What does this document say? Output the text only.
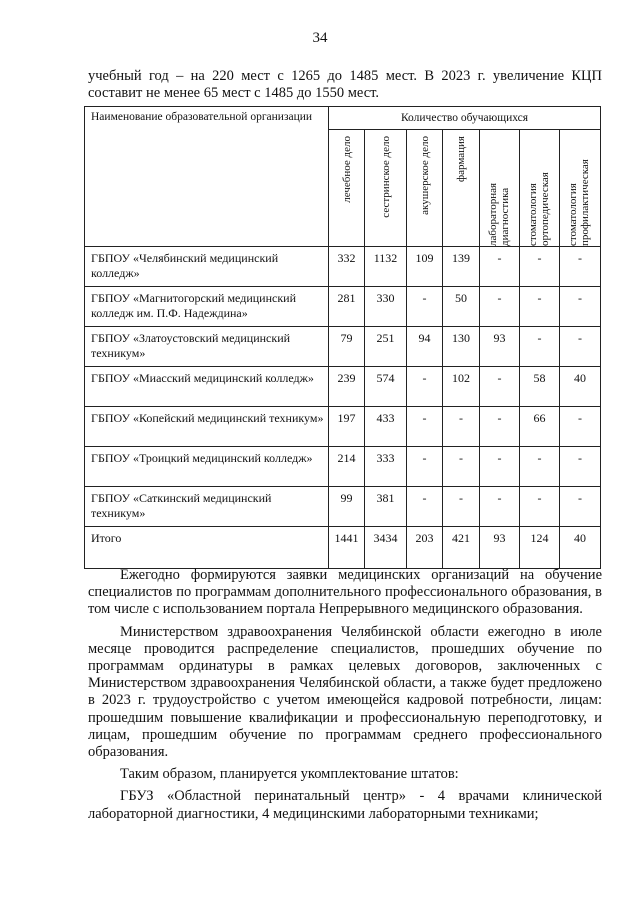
34

учебный год – на 220 мест с 1265 до 1485 мест. В 2023 г. увеличение КЦП составит не менее 65 мест с 1485 до 1550 мест.

Наименование образовательной организации	Количество обучающихся						

	лечебное дело	сестринское дело	акушерское дело	фармация	лабораторная диагностика	стоматология ортопедическая	стоматология профилактическая

ГБПОУ «Челябинский медицинский колледж»	332	1132	109	139	-	-	-
ГБПОУ «Магнитогорский медицинский колледж им. П.Ф. Надеждина»	281	330	-	50	-	-	-
ГБПОУ «Златоустовский медицинский техникум»	79	251	94	130	93	-	-
ГБПОУ «Миасский медицинский колледж»	239	574	-	102	-	58	40
ГБПОУ «Копейский медицинский техникум»	197	433	-	-	-	66	-
ГБПОУ «Троицкий медицинский колледж»	214	333	-	-	-	-	-
ГБПОУ «Саткинский медицинский техникум»	99	381	-	-	-	-	-
Итого	1441	3434	203	421	93	124	40

Ежегодно формируются заявки медицинских организаций на обучение специалистов по программам дополнительного профессионального образования, в том числе с использованием портала Непрерывного медицинского образования.

Министерством здравоохранения Челябинской области ежегодно в июле месяце проводится распределение специалистов, прошедших обучение по программам ординатуры в рамках целевых договоров, заключенных с Министерством здравоохранения Челябинской области, а также будет предложено в 2023 г. трудоустройство с учетом имеющейся кадровой потребности, лицам: прошедшим повышение квалификации и профессиональную переподготовку, и лицам, прошедшим обучение по программам среднего профессионального образования.

Таким образом, планируется укомплектование штатов:

ГБУЗ «Областной перинатальный центр» - 4 врачами клинической лабораторной диагностики, 4 медицинскими лабораторными техниками;
